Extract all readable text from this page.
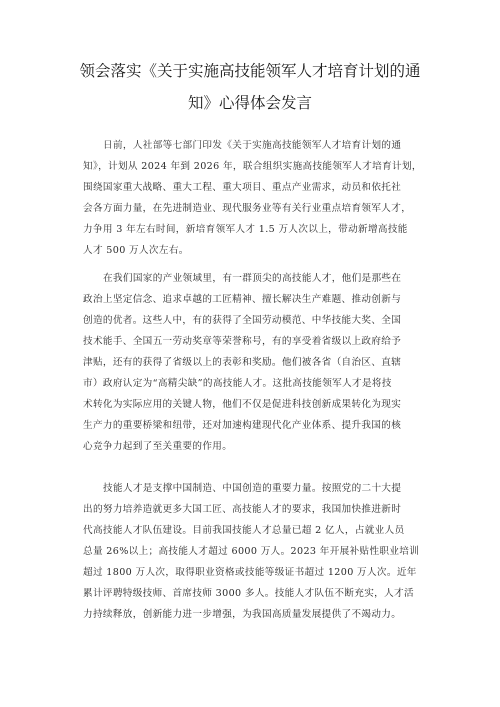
领会落实《关于实施高技能领军人才培育计划的通
知》心得体会发言
日前，人社部等七部门印发《关于实施高技能领军人才培育计划的通
知》，计划从 2024 年到 2026 年，联合组织实施高技能领军人才培育计划，
围绕国家重大战略、重大工程、重大项目、重点产业需求，动员和依托社
会各方面力量，在先进制造业、现代服务业等有关行业重点培育领军人才，
力争用 3 年左右时间，新培育领军人才 1.5 万人次以上，带动新增高技能
人才 500 万人次左右。
在我们国家的产业领域里，有一群顶尖的高技能人才，他们是那些在
政治上坚定信念、追求卓越的工匠精神、擅长解决生产难题、推动创新与
创造的优者。这些人中，有的获得了全国劳动模范、中华技能大奖、全国
技术能手、全国五一劳动奖章等荣誉称号，有的享受着省级以上政府给予
津贴，还有的获得了省级以上的表彰和奖励。他们被各省（自治区、直辖
市）政府认定为“高精尖缺”的高技能人才。这批高技能领军人才是将技
术转化为实际应用的关键人物，他们不仅是促进科技创新成果转化为现实
生产力的重要桥梁和纽带，还对加速构建现代化产业体系、提升我国的核
心竞争力起到了至关重要的作用。
技能人才是支撑中国制造、中国创造的重要力量。按照党的二十大提
出的努力培养造就更多大国工匠、高技能人才的要求，我国加快推进新时
代高技能人才队伍建设。目前我国技能人才总量已超 2 亿人，占就业人员
总量 26%以上；高技能人才超过 6000 万人。2023 年开展补贴性职业培训
超过 1800 万人次，取得职业资格或技能等级证书超过 1200 万人次。近年
累计评聘特级技师、首席技师 3000 多人。技能人才队伍不断充实，人才活
力持续释放，创新能力进一步增强，为我国高质量发展提供了不竭动力。
